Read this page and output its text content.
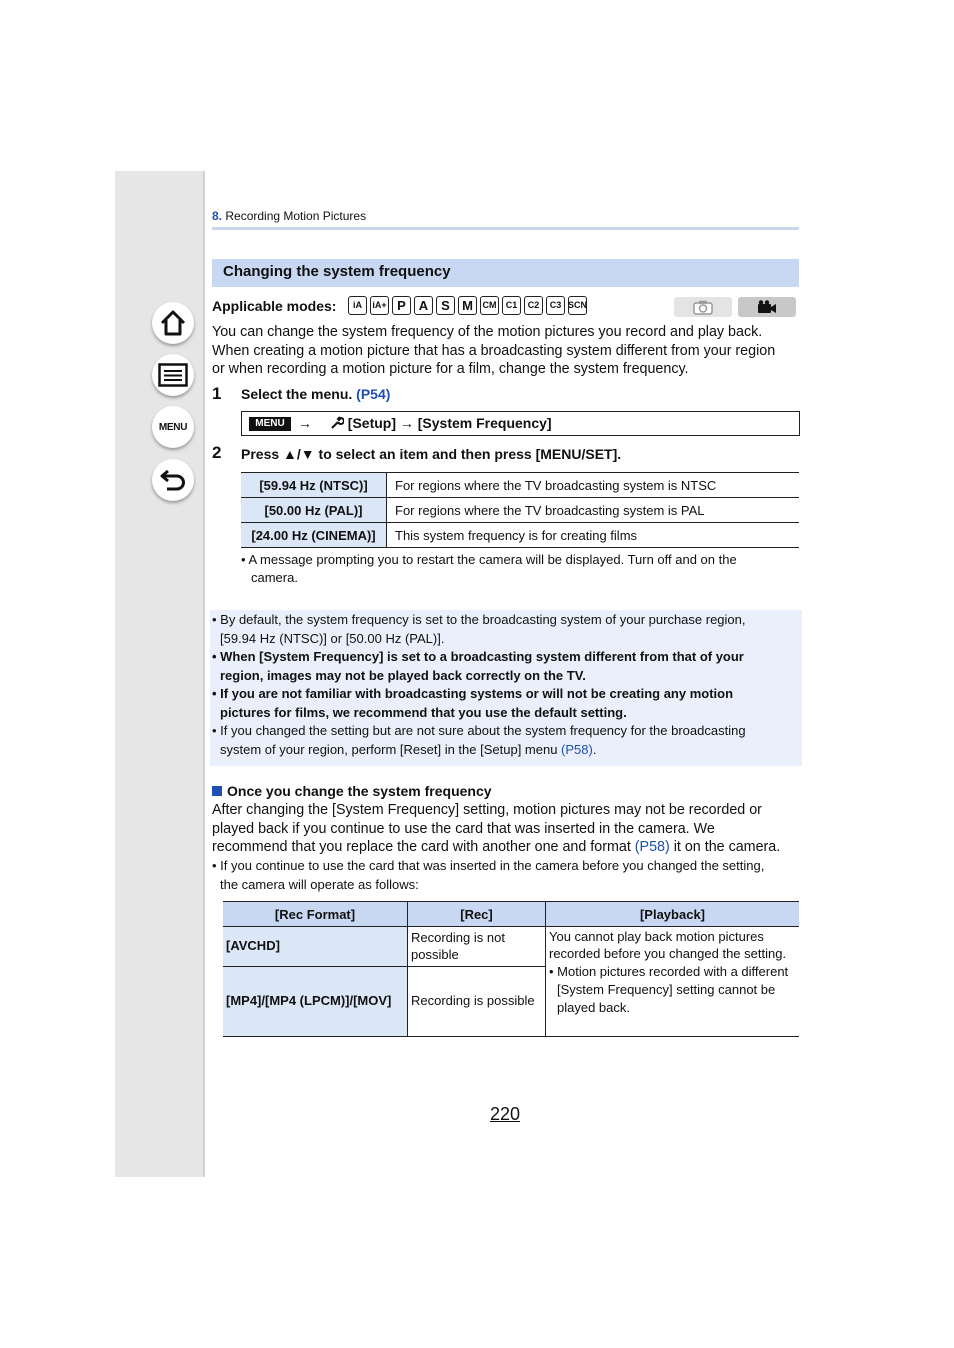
MENU
8. Recording Motion Pictures
Changing the system frequency
Applicable modes:	iA	iA+ P A S M	CM	C1	C2	C3 SCN
You can change the system frequency of the motion pictures you record and play back.
When creating a motion picture that has a broadcasting system different from your region
or when recording a motion picture for a film, change the system frequency.
1 Select the menu. (P54)
MENU →	[Setup] → [System Frequency]
2 Press ▲/▼ to select an item and then press [MENU/SET].
[59.94 Hz (NTSC)]	For regions where the TV broadcasting system is NTSC
[50.00 Hz (PAL)]	For regions where the TV broadcasting system is PAL
[24.00 Hz (CINEMA)]	This system frequency is for creating films
• A message prompting you to restart the camera will be displayed. Turn off and on the
camera.
• By default, the system frequency is set to the broadcasting system of your purchase region,
[59.94 Hz (NTSC)] or [50.00 Hz (PAL)].
• When [System Frequency] is set to a broadcasting system different from that of your
region, images may not be played back correctly on the TV.
• If you are not familiar with broadcasting systems or will not be creating any motion
pictures for films, we recommend that you use the default setting.
• If you changed the setting but are not sure about the system frequency for the broadcasting
system of your region, perform [Reset] in the [Setup] menu (P58).
Once you change the system frequency
After changing the [System Frequency] setting, motion pictures may not be recorded or
played back if you continue to use the card that was inserted in the camera. We
recommend that you replace the card with another one and format (P58) it on the camera.
• If you continue to use the card that was inserted in the camera before you changed the setting,
the camera will operate as follows:
[Rec Format]	[Rec]	[Playback]
[AVCHD]	Recording is not possible	You cannot play back motion pictures recorded before you changed the setting.
• Motion pictures recorded with a different [System Frequency] setting cannot be played back.

[MP4]/[MP4 (LPCM)]/[MOV]	Recording is possible	
220
